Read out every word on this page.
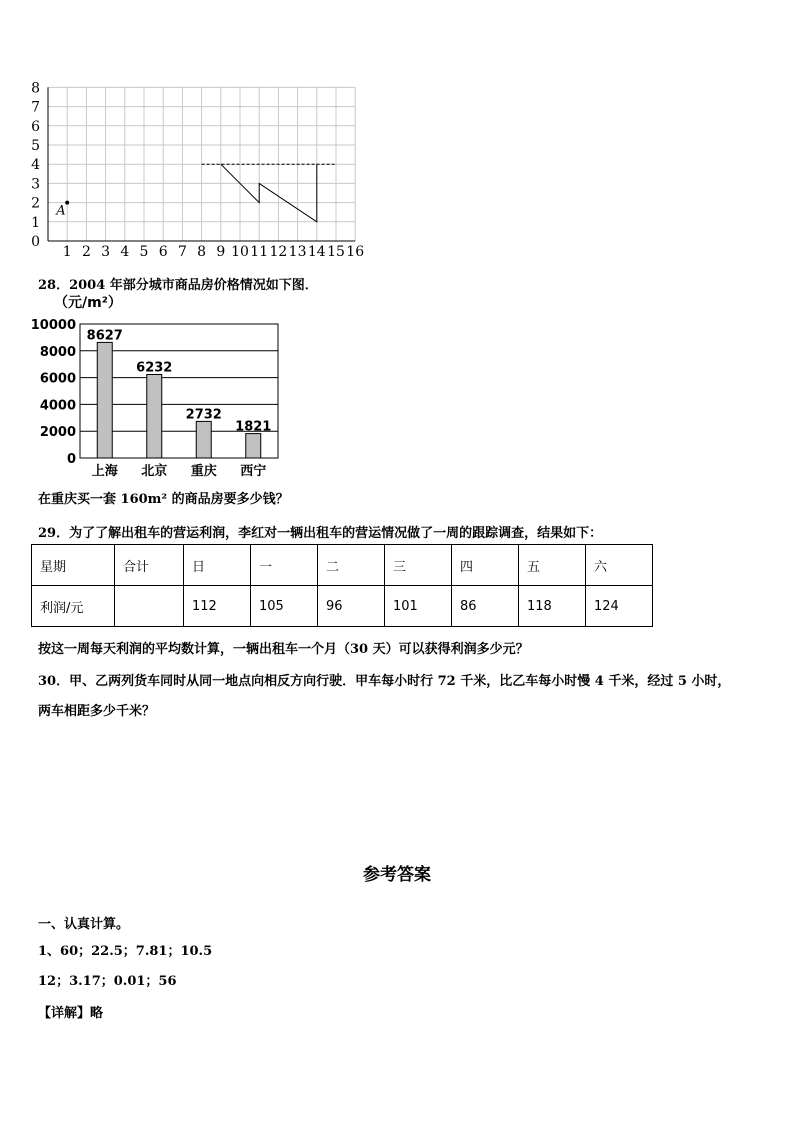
1 2 3 4 5 6 7 8 9 10 11 12 13 14 15 16
0
1
2
3
4
5
6
7
8
A
28．2004 年部分城市商品房价格情况如下图．
（元/m²）
0
2000
4000
6000
8000
10000
8627
上海
6232
北京
2732
重庆
1821
西宁
在重庆买一套 160m² 的商品房要多少钱？
29．为了了解出租车的营运利润，李红对一辆出租车的营运情况做了一周的跟踪调查，结果如下：
星期	合计	日	一	二	三	四	五	六
利润/元		112	105	96	101	86	118	124
按这一周每天利润的平均数计算，一辆出租车一个月（30 天）可以获得利润多少元？
30．甲、乙两列货车同时从同一地点向相反方向行驶．甲车每小时行 72 千米，比乙车每小时慢 4 千米，经过 5 小时，
两车相距多少千米？
参考答案
一、认真计算。
1、60；22.5；7.81；10.5
12；3.17；0.01；56
【详解】略
